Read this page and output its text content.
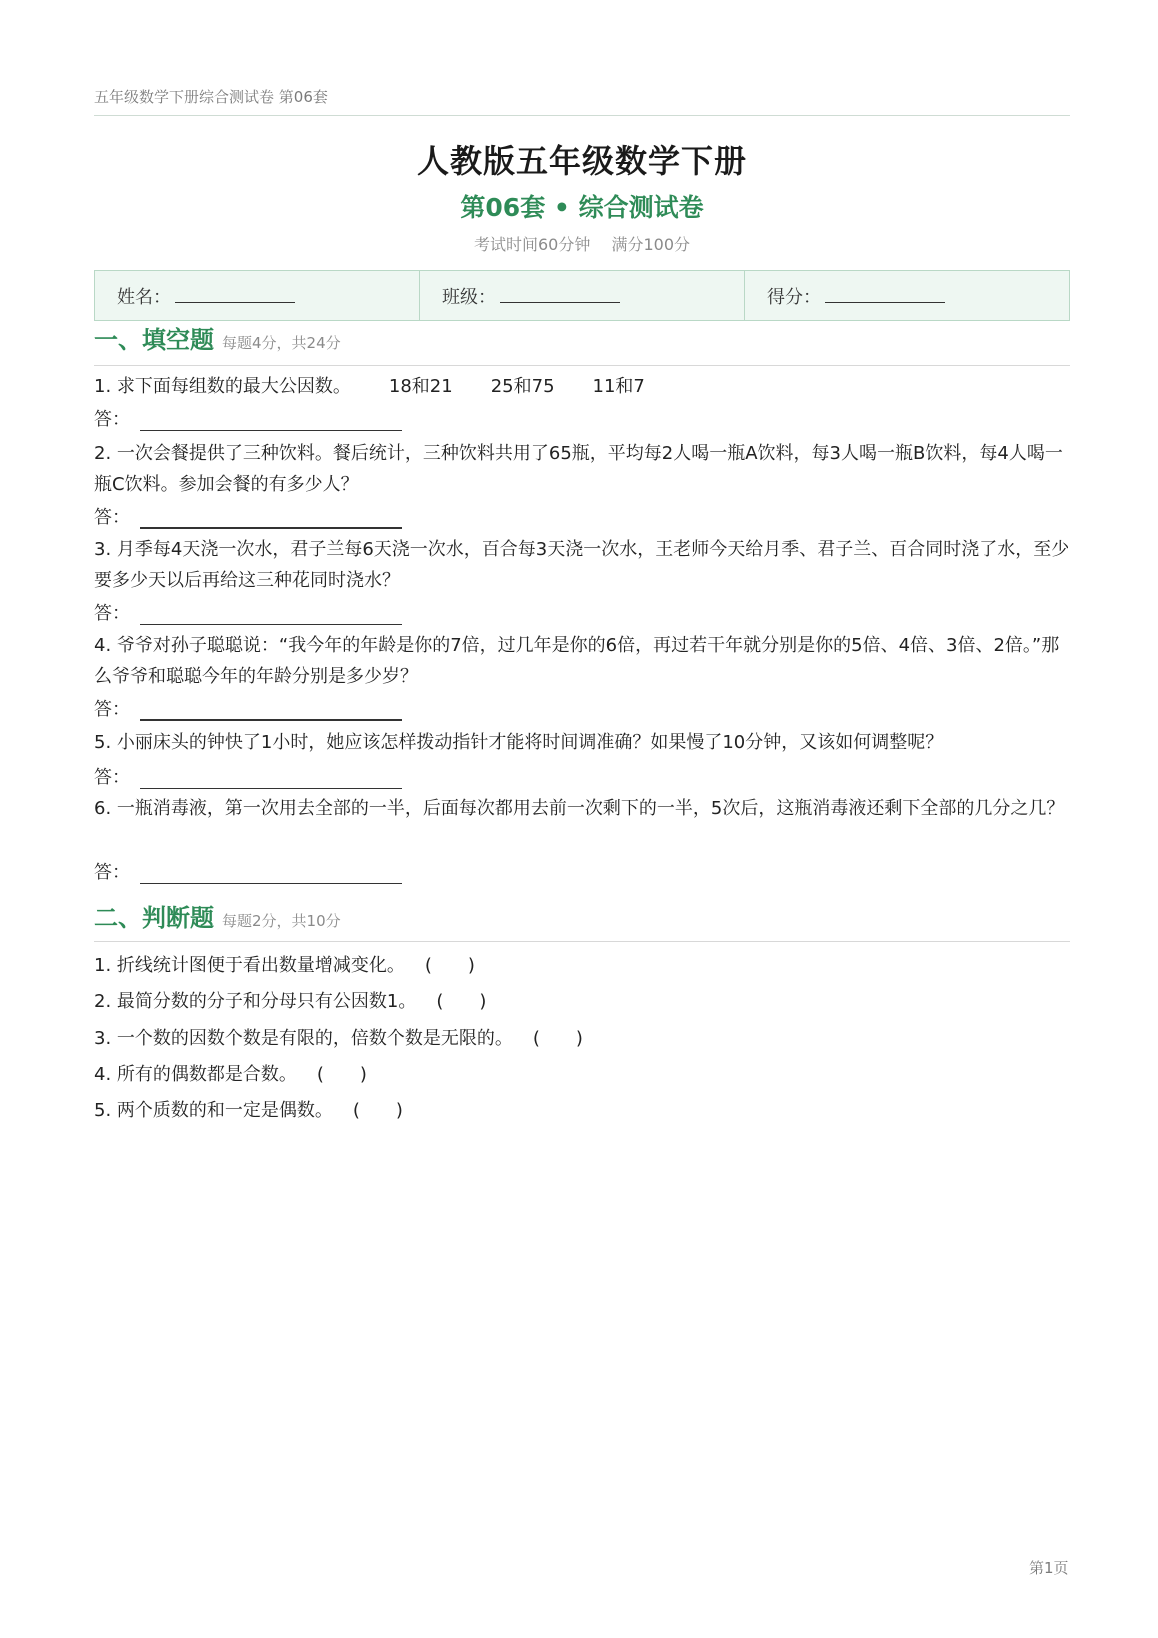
五年级数学下册综合测试卷 第06套
人教版五年级数学下册
第06套 • 综合测试卷
考试时间60分钟 满分100分
姓名：	班级：	得分：
一、填空题 每题4分，共24分
1. 求下面每组数的最大公因数。 18和21 25和75 11和7
答：
2. 一次会餐提供了三种饮料。餐后统计，三种饮料共用了65瓶，平均每2人喝一瓶A饮料，每3人喝一瓶B饮料，每4人喝一瓶C饮料。参加会餐的有多少人？
答：
3. 月季每4天浇一次水，君子兰每6天浇一次水，百合每3天浇一次水，王老师今天给月季、君子兰、百合同时浇了水，至少要多少天以后再给这三种花同时浇水？
答：
4. 爷爷对孙子聪聪说：“我今年的年龄是你的7倍，过几年是你的6倍，再过若干年就分别是你的5倍、4倍、3倍、2倍。”那么爷爷和聪聪今年的年龄分别是多少岁？
答：
5. 小丽床头的钟快了1小时，她应该怎样拨动指针才能将时间调准确？如果慢了10分钟，又该如何调整呢？
答：
6. 一瓶消毒液，第一次用去全部的一半，后面每次都用去前一次剩下的一半，5次后，这瓶消毒液还剩下全部的几分之几？
答：
二、判断题 每题2分，共10分
1. 折线统计图便于看出数量增减变化。 (　　)
2. 最简分数的分子和分母只有公因数1。 (　　)
3. 一个数的因数个数是有限的，倍数个数是无限的。 (　　)
4. 所有的偶数都是合数。 (　　)
5. 两个质数的和一定是偶数。 (　　)
第1页
